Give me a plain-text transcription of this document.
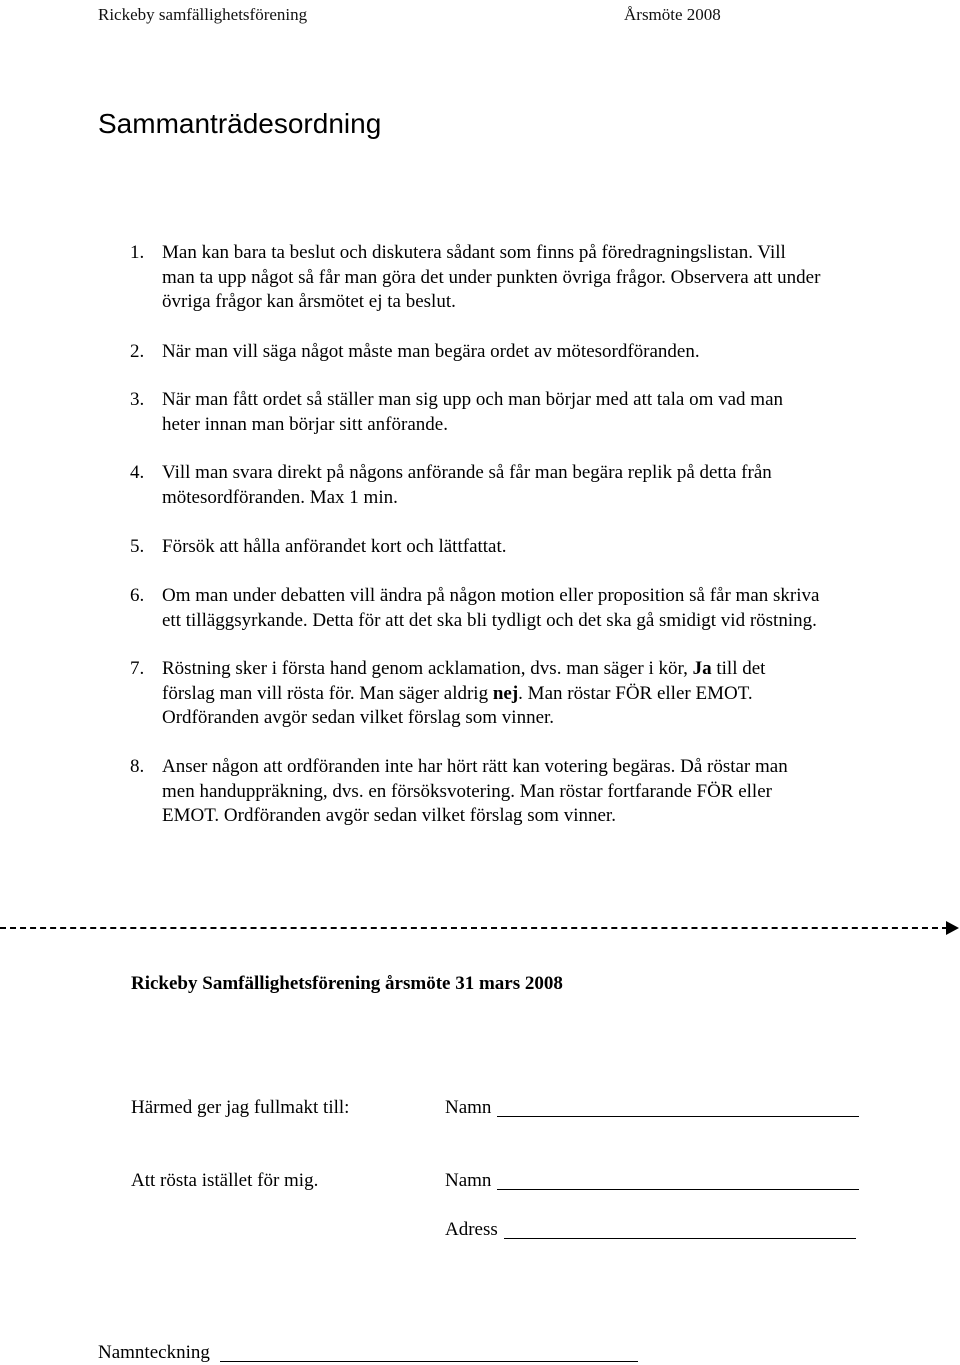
Rickeby samfällighetsförening	Årsmöte 2008
Sammanträdesordning
1. Man kan bara ta beslut och diskutera sådant som finns på föredragningslistan. Vill
man ta upp något så får man göra det under punkten övriga frågor. Observera att under
övriga frågor kan årsmötet ej ta beslut.
2. När man vill säga något måste man begära ordet av mötesordföranden.
3. När man fått ordet så ställer man sig upp och man börjar med att tala om vad man
heter innan man börjar sitt anförande.
4. Vill man svara direkt på någons anförande så får man begära replik på detta från
mötesordföranden. Max 1 min.
5. Försök att hålla anförandet kort och lättfattat.
6. Om man under debatten vill ändra på någon motion eller proposition så får man skriva
ett tilläggsyrkande. Detta för att det ska bli tydligt och det ska gå smidigt vid röstning.
7. Röstning sker i första hand genom acklamation, dvs. man säger i kör, Ja till det
förslag man vill rösta för. Man säger aldrig nej. Man röstar FÖR eller EMOT.
Ordföranden avgör sedan vilket förslag som vinner.
8. Anser någon att ordföranden inte har hört rätt kan votering begäras. Då röstar man
men handuppräkning, dvs. en försöksvotering. Man röstar fortfarande FÖR eller
EMOT. Ordföranden avgör sedan vilket förslag som vinner.
Rickeby Samfällighetsförening årsmöte 31 mars 2008
Härmed ger jag fullmakt till:	Namn
Att rösta istället för mig.	Namn
Adress
Namnteckning
